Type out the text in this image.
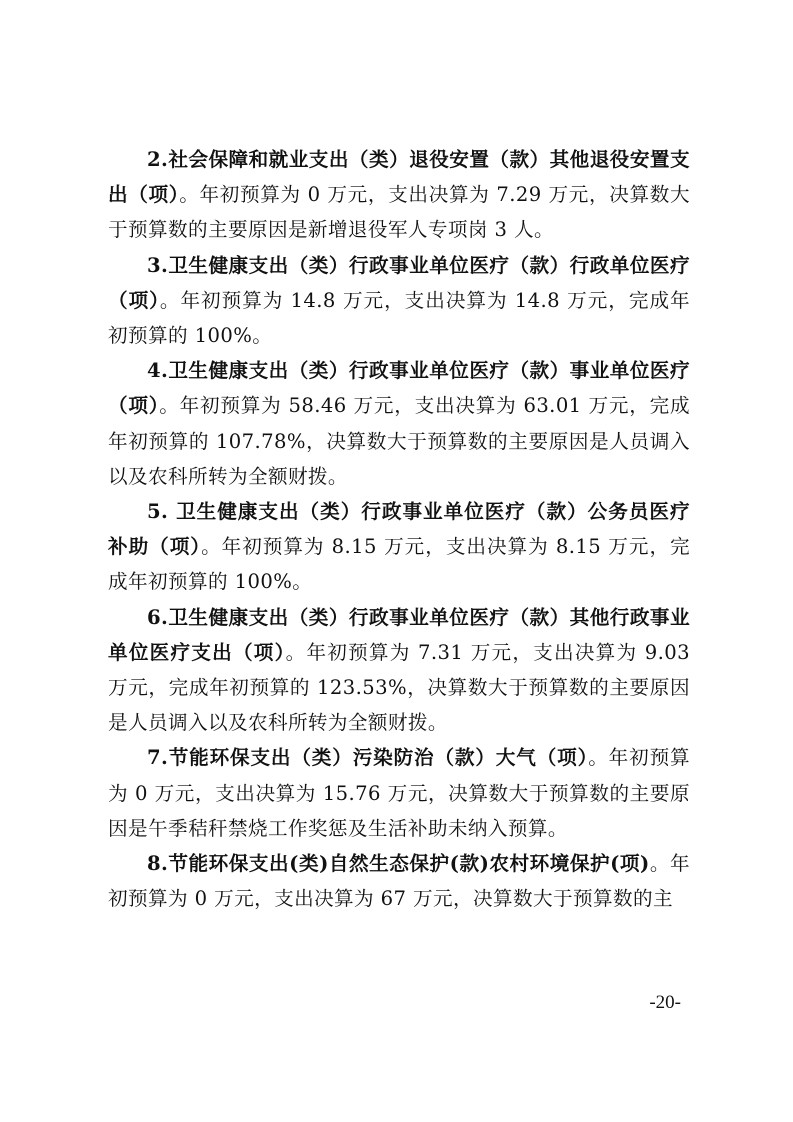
2.社会保障和就业支出（类）退役安置（款）其他退役安置支出（项）。年初预算为 0 万元，支出决算为 7.29 万元，决算数大于预算数的主要原因是新增退役军人专项岗 3 人。

3.卫生健康支出（类）行政事业单位医疗（款）行政单位医疗（项）。年初预算为 14.8 万元，支出决算为 14.8 万元，完成年初预算的 100%。

4.卫生健康支出（类）行政事业单位医疗（款）事业单位医疗（项）。年初预算为 58.46 万元，支出决算为 63.01 万元，完成年初预算的 107.78%，决算数大于预算数的主要原因是人员调入以及农科所转为全额财拨。

5. 卫生健康支出（类）行政事业单位医疗（款）公务员医疗补助（项）。年初预算为 8.15 万元，支出决算为 8.15 万元，完成年初预算的 100%。

6.卫生健康支出（类）行政事业单位医疗（款）其他行政事业单位医疗支出（项）。年初预算为 7.31 万元，支出决算为 9.03 万元，完成年初预算的 123.53%，决算数大于预算数的主要原因是人员调入以及农科所转为全额财拨。

7.节能环保支出（类）污染防治（款）大气（项）。年初预算为 0 万元，支出决算为 15.76 万元，决算数大于预算数的主要原因是午季秸秆禁烧工作奖惩及生活补助未纳入预算。

8.节能环保支出(类)自然生态保护(款)农村环境保护(项)。年初预算为 0 万元，支出决算为 67 万元，决算数大于预算数的主

-20-
